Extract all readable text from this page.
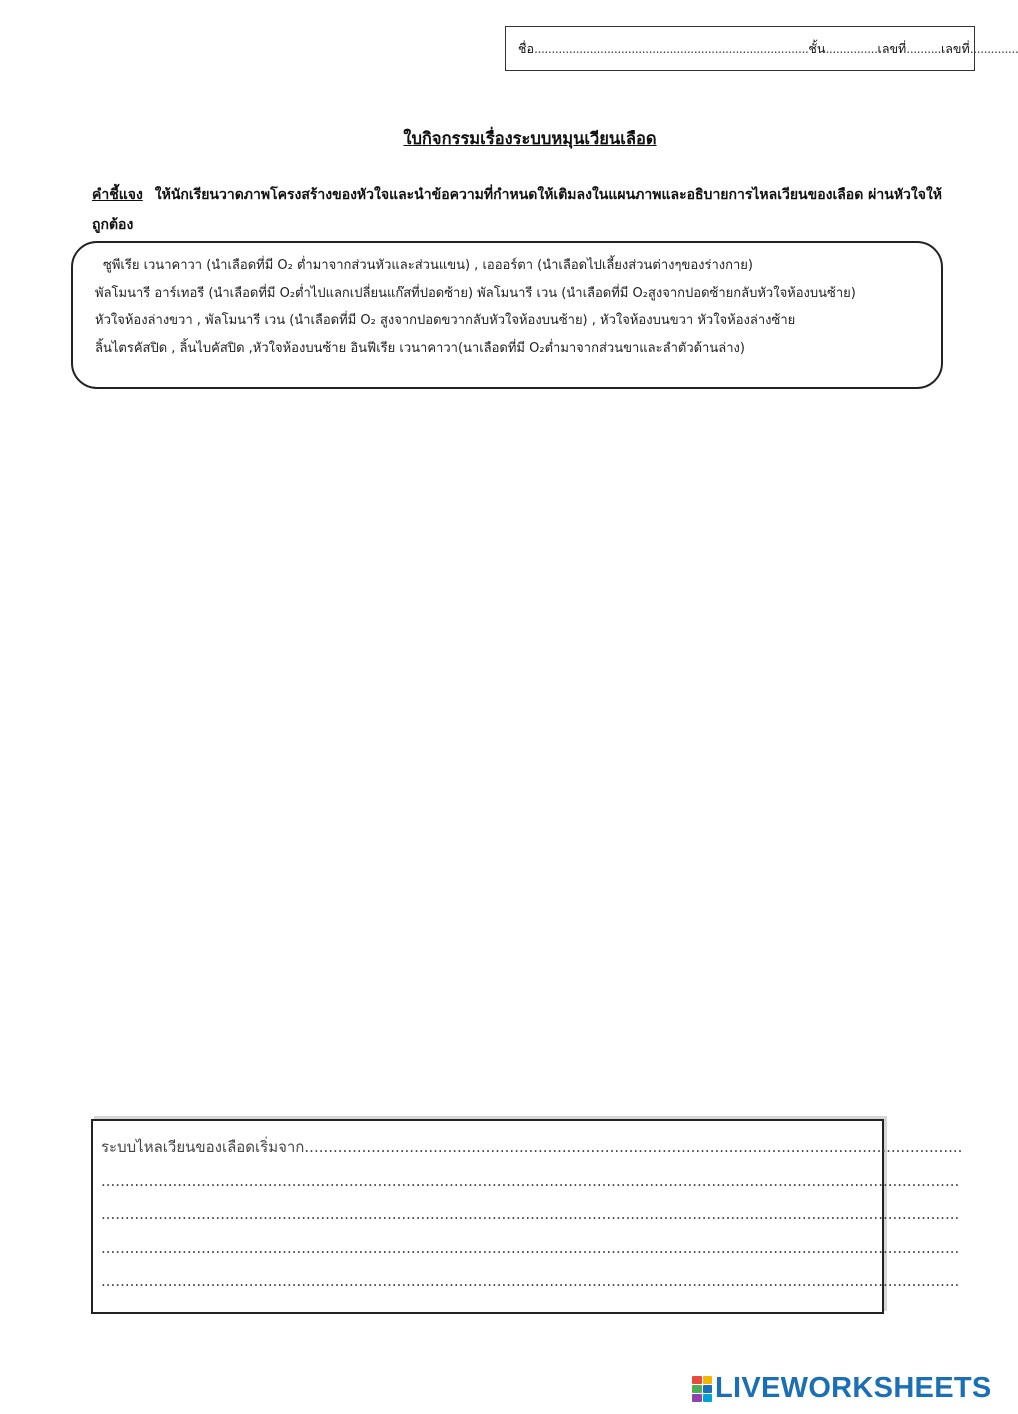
ชื่อ ............................................................................... ชั้น ............... เลขที่ .......... เลขที่ ..............
ใบกิจกรรมเรื่องระบบหมุนเวียนเลือด
คำชี้แจง ให้นักเรียนวาดภาพโครงสร้างของหัวใจและนำข้อความที่กำหนดให้เติมลงในแผนภาพและอธิบายการไหลเวียนของเลือด ผ่านหัวใจให้ถูกต้อง
ซูพีเรีย เวนาคาวา (นำเลือดที่มี O₂ ต่ำมาจากส่วนหัวและส่วนแขน) , เอออร์ตา (นำเลือดไปเลี้ยงส่วนต่างๆของร่างกาย)
พัลโมนารี อาร์เทอรี (นำเลือดที่มี O₂ต่ำไปแลกเปลี่ยนแก๊สที่ปอดซ้าย) พัลโมนารี เวน (นำเลือดที่มี O₂สูงจากปอดซ้ายกลับหัวใจห้องบนซ้าย)
หัวใจห้องล่างขวา , พัลโมนารี เวน (นำเลือดที่มี O₂ สูงจากปอดขวากลับหัวใจห้องบนซ้าย) , หัวใจห้องบนขวา หัวใจห้องล่างซ้าย
ลิ้นไตรคัสปิด , ลิ้นไบคัสปิด ,หัวใจห้องบนซ้าย อินฟีเรีย เวนาคาวา(นาเลือดที่มี O₂ต่ำมาจากส่วนขาและลำตัวด้านล่าง)
ระบบไหลเวียนของเลือดเริ่มจาก..........................................................................................................................................
....................................................................................................................................................................................
....................................................................................................................................................................................
....................................................................................................................................................................................
....................................................................................................................................................................................
LIVEWORKSHEETS
